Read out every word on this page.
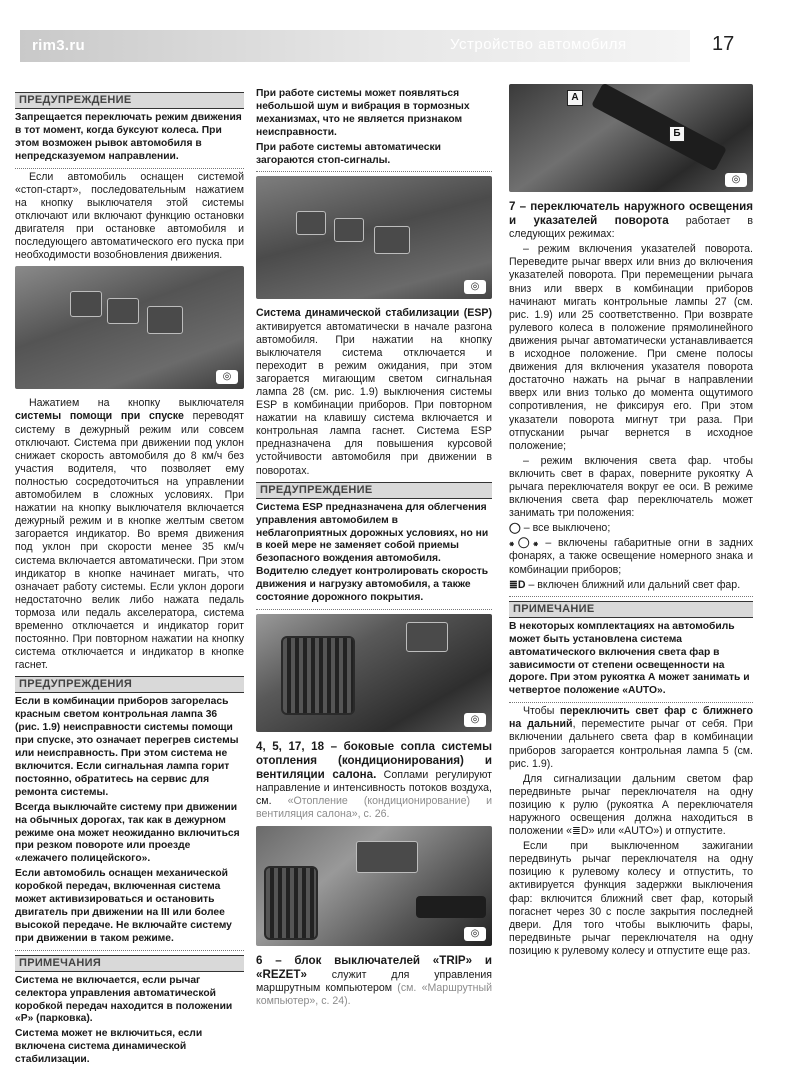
rim3.ru	Устройство автомобиля	17
ПРЕДУПРЕЖДЕНИЕ

Запрещается переключать режим движения в тот момент, когда буксуют колеса. При этом возможен рывок автомобиля в непредсказуемом направлении.

Если автомобиль оснащен системой «стоп-старт», последовательным нажатием на кнопку выключателя этой системы отключают или включают функцию остановки двигателя при остановке автомобиля и последующего автоматического его пуска при необходимости возобновления движения.

◎

Нажатием на кнопку выключателя системы помощи при спуске переводят систему в дежурный режим или совсем отключают. Система при движении под уклон снижает скорость автомобиля до 8 км/ч без участия водителя, что позволяет ему полностью сосредоточиться на управлении автомобилем в сложных условиях. При нажатии на кнопку выключателя включается дежурный режим и в кнопке желтым светом загорается индикатор. Во время движения под уклон при скорости менее 35 км/ч система включается автоматически. При этом индикатор в кнопке начинает мигать, что означает работу системы. Если уклон дороги недостаточно велик либо нажата педаль тормоза или педаль акселератора, система временно отключается и индикатор горит постоянно. При повторном нажатии на кнопку система отключается и индикатор в кнопке гаснет.

ПРЕДУПРЕЖДЕНИЯ

Если в комбинации приборов загорелась красным светом контрольная лампа 36 (рис. 1.9) неисправности системы помощи при спуске, это означает перегрев системы или неисправность. При этом система не включится. Если сигнальная лампа горит постоянно, обратитесь на сервис для ремонта системы.

Всегда выключайте систему при движении на обычных дорогах, так как в дежурном режиме она может неожиданно включиться при резком повороте или проезде «лежачего полицейского».

Если автомобиль оснащен механической коробкой передач, включенная система может активизироваться и остановить двигатель при движении на III или более высокой передаче. Не включайте систему при движении в таком режиме.

ПРИМЕЧАНИЯ

Система не включается, если рычаг селектора управления автоматической коробкой передач находится в положении «Р» (парковка).

Система может не включиться, если включена система динамической стабилизации.

При работе системы может появляться небольшой шум и вибрация в тормозных механизмах, что не является признаком неисправности.

При работе системы автоматически загораются стоп-сигналы.

◎

Система динамической стабилизации (ESP) активируется автоматически в начале разгона автомобиля. При нажатии на кнопку выключателя система отключается и переходит в режим ожидания, при этом загорается мигающим светом сигнальная лампа 28 (см. рис. 1.9) выключения системы ESP в комбинации приборов. При повторном нажатии на клавишу система включается и контрольная лампа гаснет. Система ESP предназначена для повышения курсовой устойчивости автомобиля при движении в поворотах.

ПРЕДУПРЕЖДЕНИЕ

Система ESP предназначена для облегчения управления автомобилем в неблагоприятных дорожных условиях, но ни в коей мере не заменяет собой приемы безопасного вождения автомобиля. Водителю следует контролировать скорость движения и нагрузку автомобиля, а также состояние дорожного покрытия.

◎

4, 5, 17, 18 – боковые сопла системы отопления (кондиционирования) и вентиляции салона. Соплами регулируют направление и интенсивность потоков воздуха, см. «Отопление (кондиционирование) и вентиляция салона», с. 26.

◎

6 – блок выключателей «TRIP» и «REZET» служит для управления маршрутным компьютером (см. «Маршрутный компьютер», с. 24).

А
Б
◎

7 – переключатель наружного освещения и указателей поворота работает в следующих режимах:

– режим включения указателей поворота. Переведите рычаг вверх или вниз до включения указателей поворота. При перемещении рычага вниз или вверх в комбинации приборов начинают мигать контрольные лампы 27 (см. рис. 1.9) или 25 соответственно. При возврате рулевого колеса в положение прямолинейного движения рычаг автоматически устанавливается в исходное положение. При смене полосы движения для включения указателя поворота достаточно нажать на рычаг в направлении вверх или вниз только до момента ощутимого сопротивления, не фиксируя его. При этом указатели поворота мигнут три раза. При отпускании рычаг вернется в исходное положение;

– режим включения света фар. чтобы включить свет в фарах, поверните рукоятку А рычага переключателя вокруг ее оси. В режиме включения света фар переключатель может занимать три положения:

◯ – все выключено;

꘎◯꘎ – включены габаритные огни в задних фонарях, а также освещение номерного знака и комбинации приборов;

≣D – включен ближний или дальний свет фар.

ПРИМЕЧАНИЕ

В некоторых комплектациях на автомобиль может быть установлена система автоматического включения света фар в зависимости от степени освещенности на дороге. При этом рукоятка А может занимать и четвертое положение «AUTO».

Чтобы переключить свет фар с ближнего на дальний, переместите рычаг от себя. При включении дальнего света фар в комбинации приборов загорается контрольная лампа 5 (см. рис. 1.9).

Для сигнализации дальним светом фар передвиньте рычаг переключателя на одну позицию к рулю (рукоятка А переключателя наружного освещения должна находиться в положении «≣D» или «AUTO») и отпустите.

Если при выключенном зажигании передвинуть рычаг переключателя на одну позицию к рулевому колесу и отпустить, то активируется функция задержки выключения фар: включится ближний свет фар, который погаснет через 30 с после закрытия последней двери. Для того чтобы выключить фары, передвиньте рычаг переключателя на одну позицию к рулевому колесу и отпустите еще раз.
